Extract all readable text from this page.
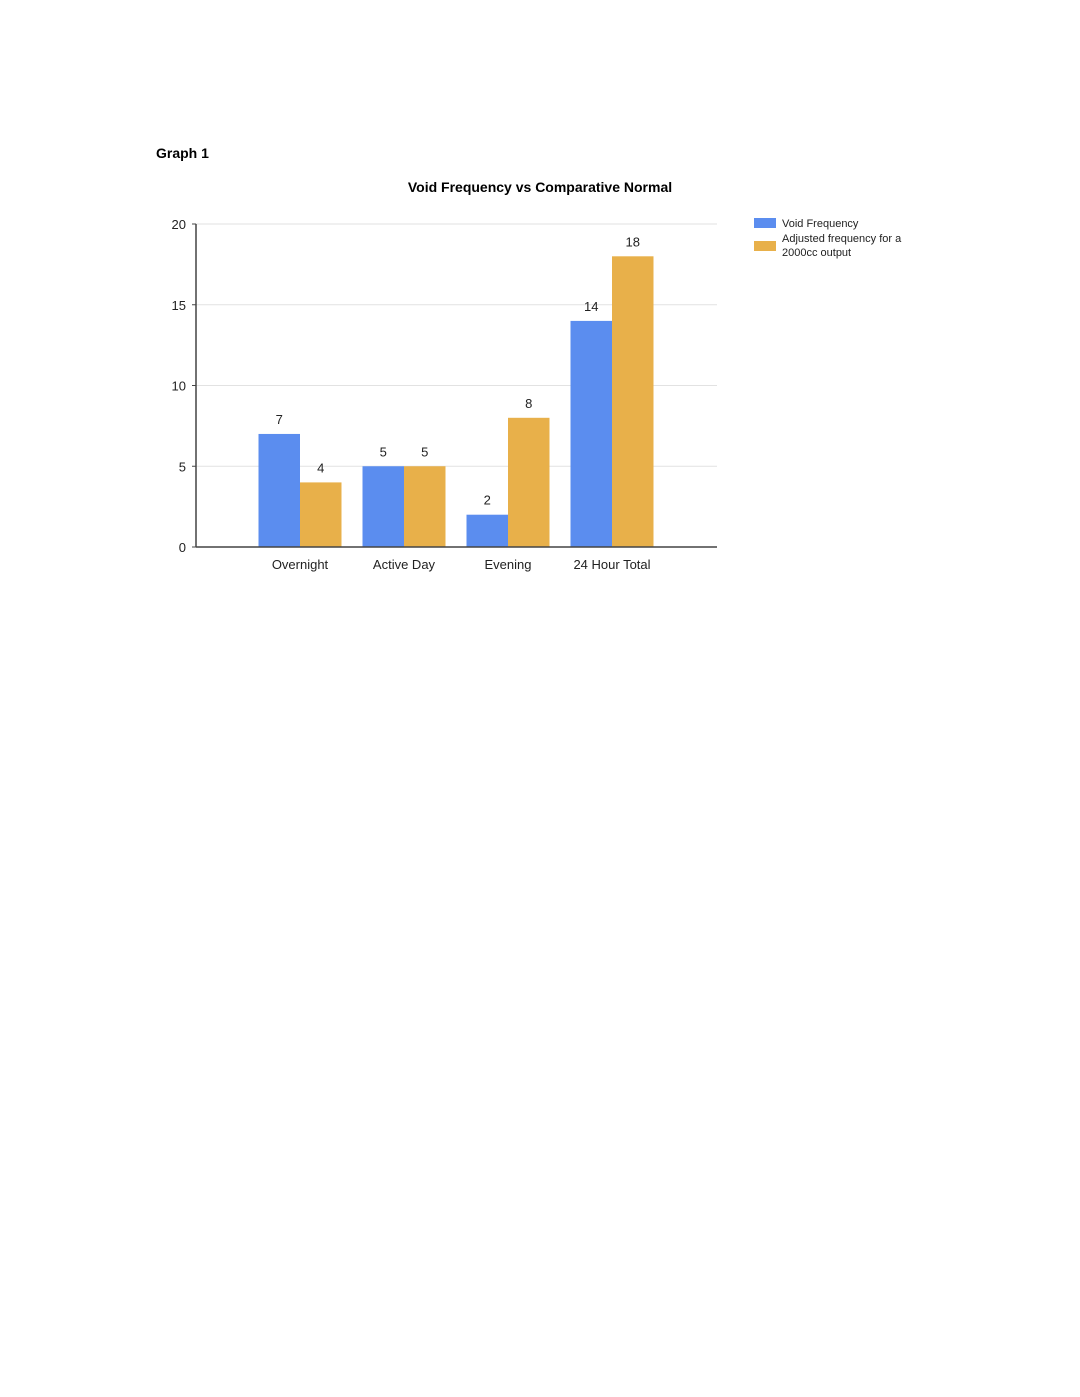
Graph 1
Void Frequency vs Comparative Normal
7
4
5	5
2
8
14
18
0
5
10
15
20
Overnight	Active Day	Evening	24 Hour Total
Void Frequency
Adjusted frequency for a 2000cc output
